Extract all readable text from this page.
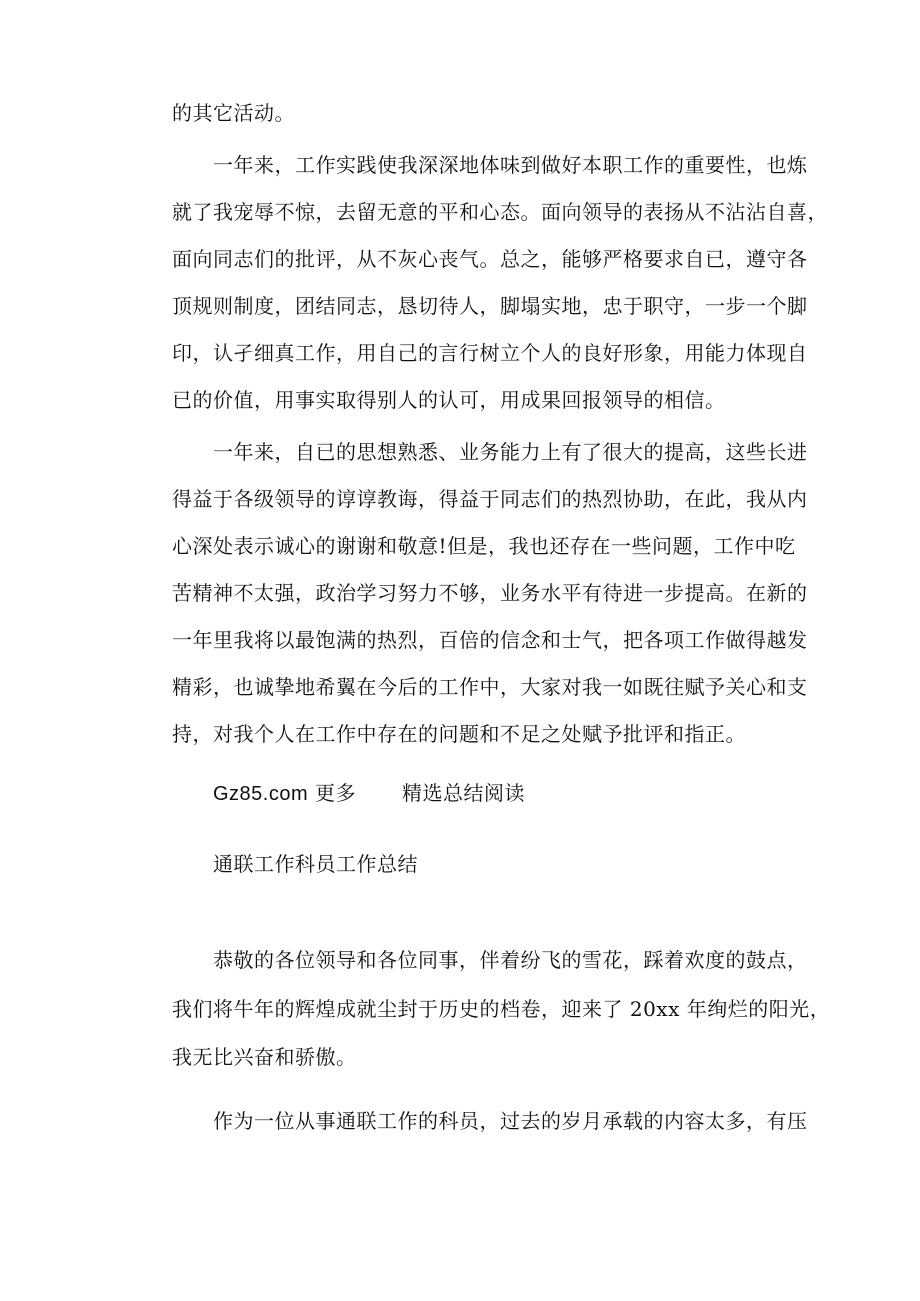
的其它活动。
一年来，工作实践使我深深地体味到做好本职工作的重要性，也炼
就了我宠辱不惊，去留无意的平和心态。面向领导的表扬从不沾沾自喜，
面向同志们的批评，从不灰心丧气。总之，能够严格要求自已，遵守各
顶规则制度，团结同志，恳切待人，脚塌实地，忠于职守，一步一个脚
印，认孑细真工作，用自己的言行树立个人的良好形象，用能力体现自
已的价值，用事实取得别人的认可，用成果回报领导的相信。
一年来，自已的思想熟悉、业务能力上有了很大的提高，这些长进
得益于各级领导的谆谆教诲，得益于同志们的热烈协助，在此，我从内
心深处表示诚心的谢谢和敬意!但是，我也还存在一些问题，工作中吃
苦精神不太强，政治学习努力不够，业务水平有待进一步提高。在新的
一年里我将以最饱满的热烈，百倍的信念和士气，把各项工作做得越发
精彩，也诚挚地希翼在今后的工作中，大家对我一如既往赋予关心和支
持，对我个人在工作中存在的问题和不足之处赋予批评和指正。
Gz85.com 更多 精选总结阅读
通联工作科员工作总结
恭敬的各位领导和各位同事，伴着纷飞的雪花，踩着欢度的鼓点，
我们将牛年的辉煌成就尘封于历史的档卷，迎来了 20xx 年绚烂的阳光，
我无比兴奋和骄傲。
作为一位从事通联工作的科员，过去的岁月承载的内容太多，有压
